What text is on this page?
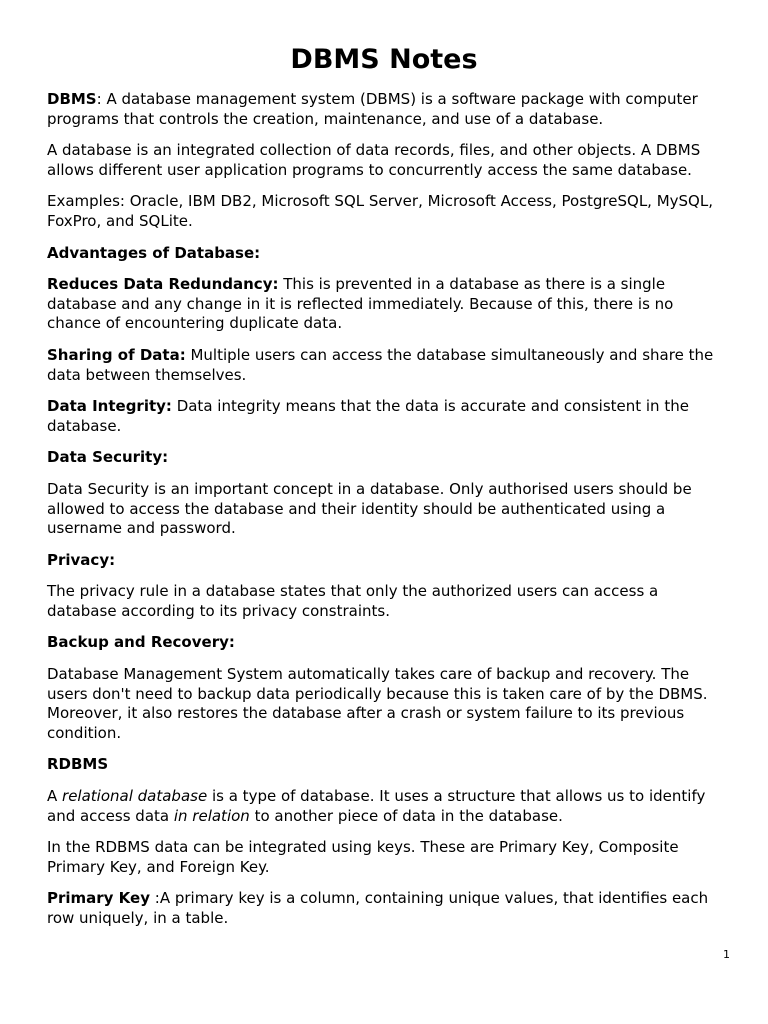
DBMS Notes

DBMS: A database management system (DBMS) is a software package with computer programs that controls the creation, maintenance, and use of a database.

A database is an integrated collection of data records, files, and other objects. A DBMS allows different user application programs to concurrently access the same database.

Examples: Oracle, IBM DB2, Microsoft SQL Server, Microsoft Access, PostgreSQL, MySQL, FoxPro, and SQLite.

Advantages of Database:

Reduces Data Redundancy: This is prevented in a database as there is a single database and any change in it is reflected immediately. Because of this, there is no chance of encountering duplicate data.

Sharing of Data: Multiple users can access the database simultaneously and share the data between themselves.

Data Integrity: Data integrity means that the data is accurate and consistent in the database.

Data Security:

Data Security is an important concept in a database. Only authorised users should be allowed to access the database and their identity should be authenticated using a username and password.

Privacy:

The privacy rule in a database states that only the authorized users can access a database according to its privacy constraints.

Backup and Recovery:

Database Management System automatically takes care of backup and recovery. The users don't need to backup data periodically because this is taken care of by the DBMS. Moreover, it also restores the database after a crash or system failure to its previous condition.

RDBMS

A relational database is a type of database. It uses a structure that allows us to identify and access data in relation to another piece of data in the database.

In the RDBMS data can be integrated using keys. These are Primary Key, Composite Primary Key, and Foreign Key.

Primary Key :A primary key is a column, containing unique values, that identifies each row uniquely, in a table.

1
